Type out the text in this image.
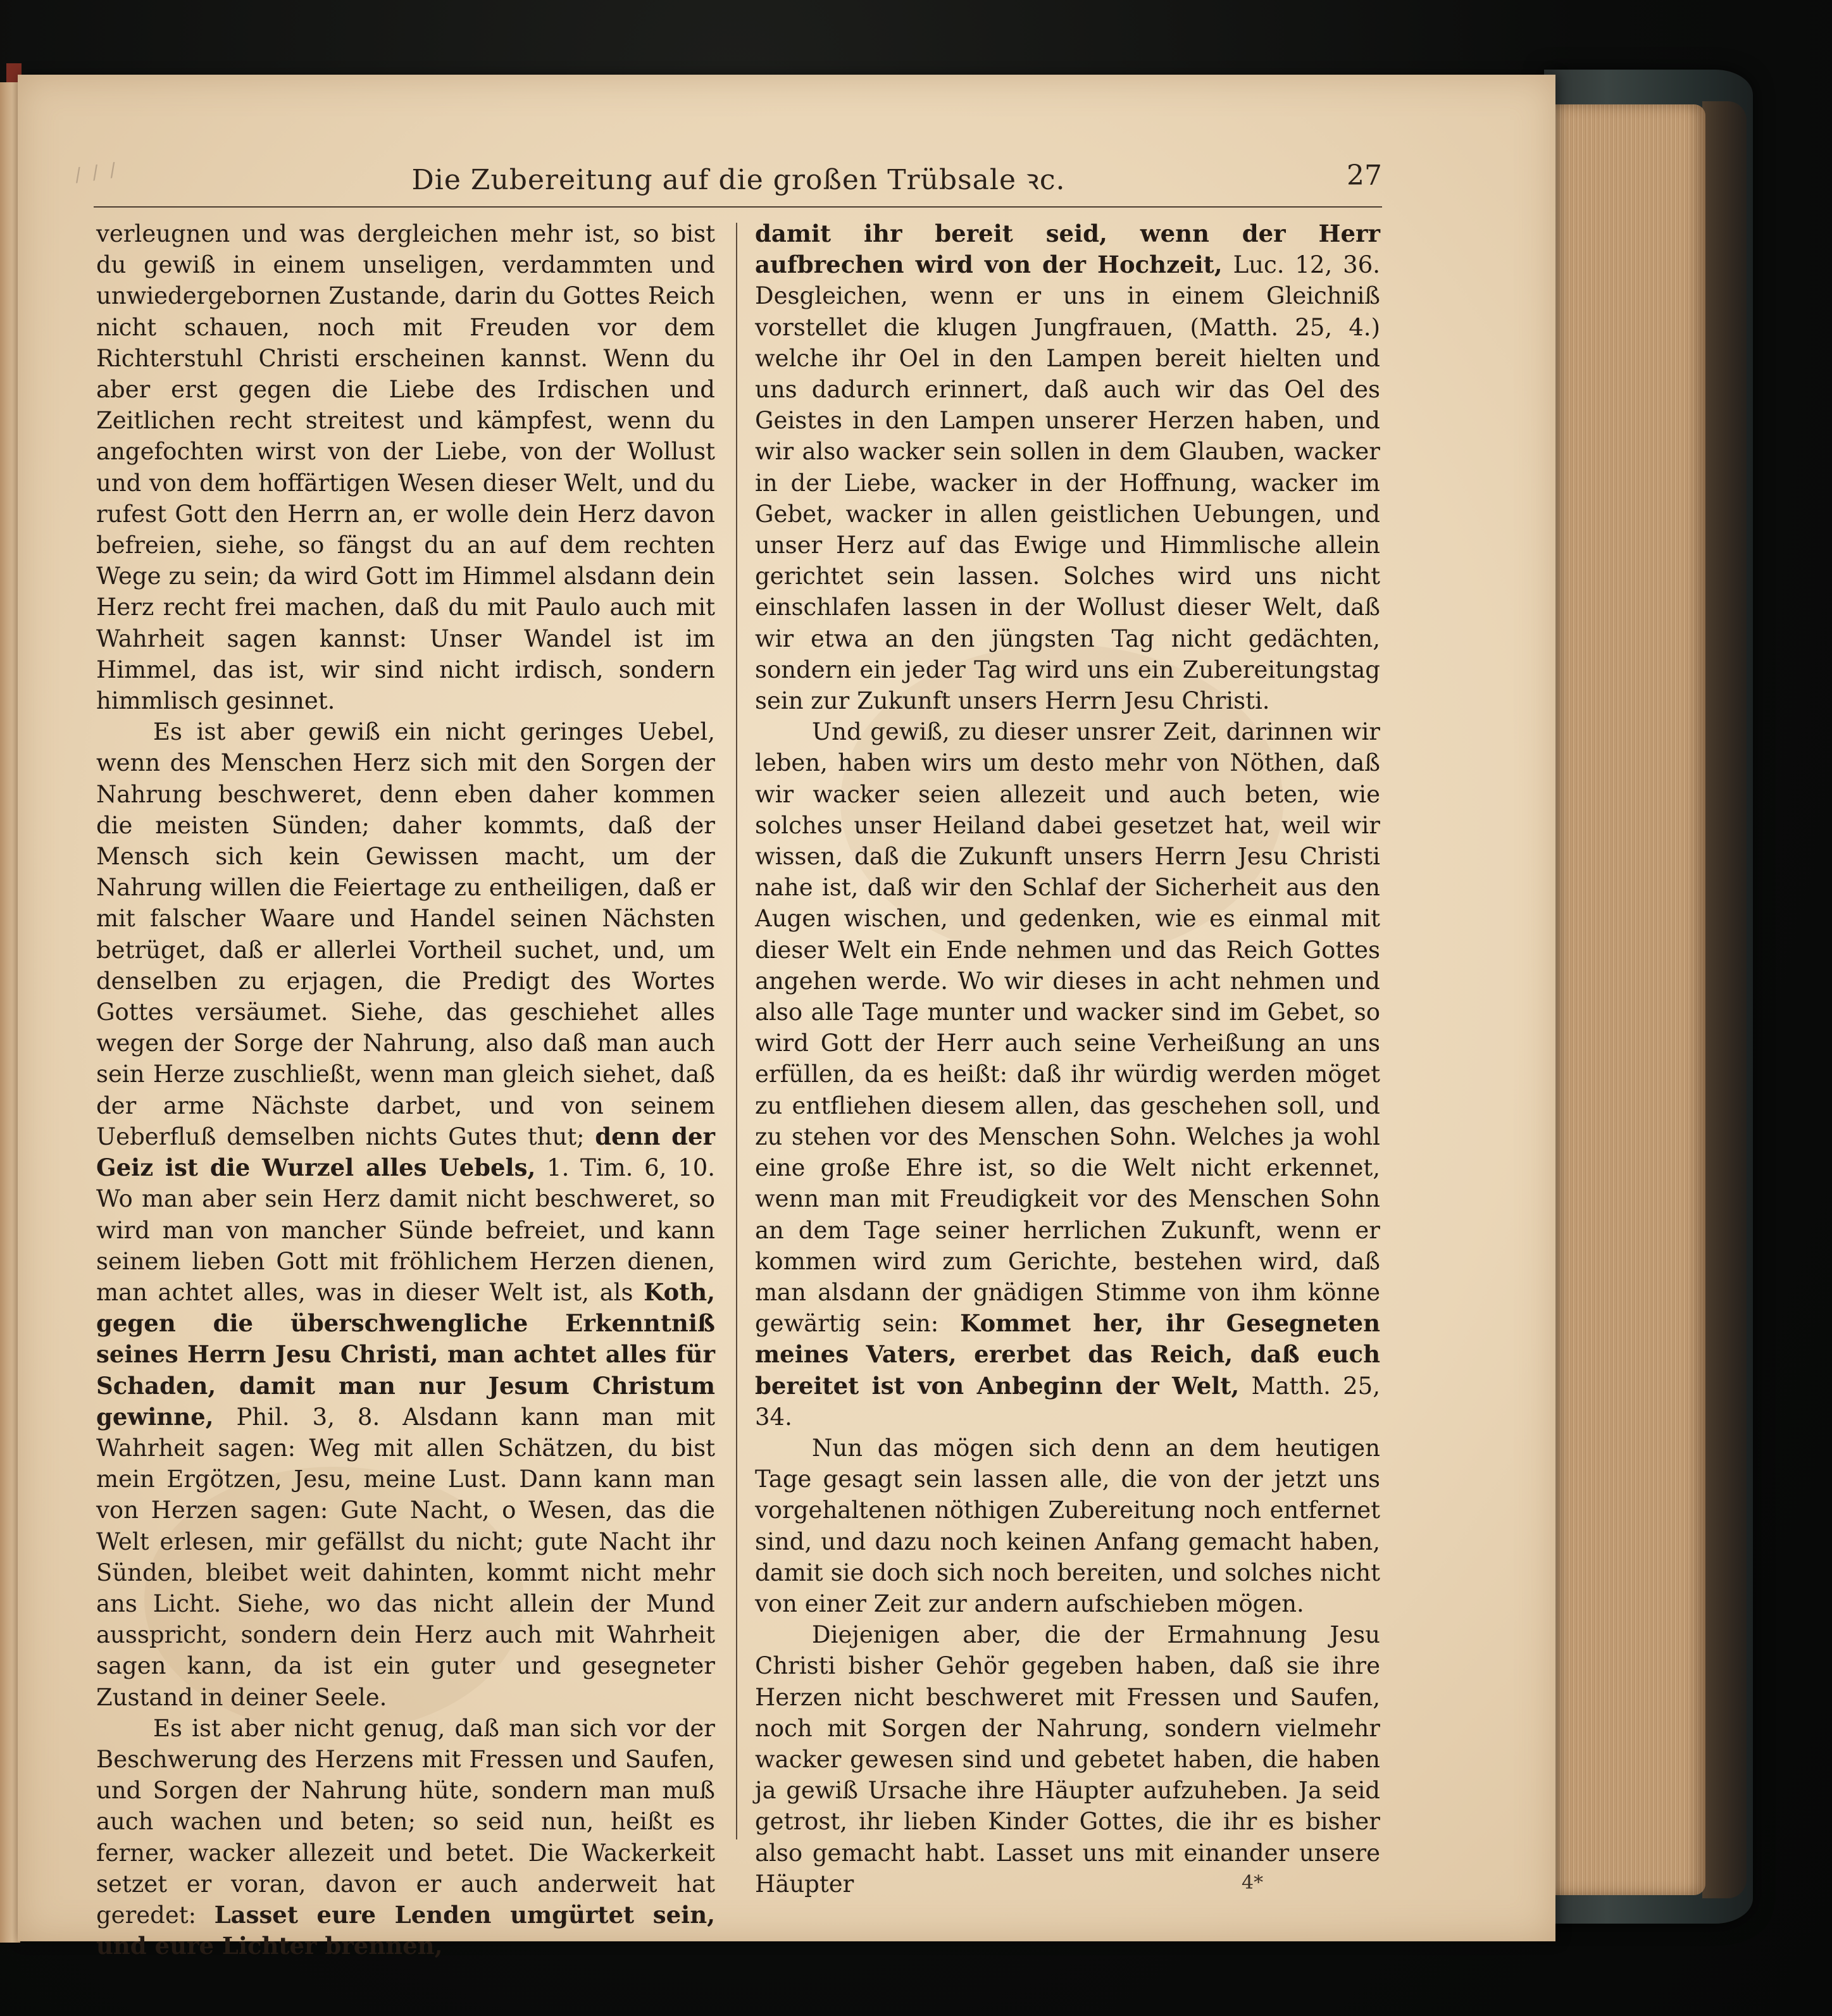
/ / /	Die Zubereitung auf die großen Trübsale ꝛc.	27

verleugnen und was dergleichen mehr ist, so bist du gewiß in einem unseligen, verdammten und unwiedergebornen Zustande, darin du Gottes Reich nicht schauen, noch mit Freuden vor dem Richterstuhl Christi erscheinen kannst. Wenn du aber erst gegen die Liebe des Irdischen und Zeitlichen recht streitest und kämpfest, wenn du angefochten wirst von der Liebe, von der Wollust und von dem hoffärtigen Wesen dieser Welt, und du rufest Gott den Herrn an, er wolle dein Herz davon befreien, siehe, so fängst du an auf dem rechten Wege zu sein; da wird Gott im Himmel alsdann dein Herz recht frei machen, daß du mit Paulo auch mit Wahrheit sagen kannst: Unser Wandel ist im Himmel, das ist, wir sind nicht irdisch, sondern himmlisch gesinnet.

Es ist aber gewiß ein nicht geringes Uebel, wenn des Menschen Herz sich mit den Sorgen der Nahrung beschweret, denn eben daher kommen die meisten Sünden; daher kommts, daß der Mensch sich kein Gewissen macht, um der Nahrung willen die Feiertage zu entheiligen, daß er mit falscher Waare und Handel seinen Nächsten betrüget, daß er allerlei Vortheil suchet, und, um denselben zu erjagen, die Predigt des Wortes Gottes versäumet. Siehe, das geschiehet alles wegen der Sorge der Nahrung, also daß man auch sein Herze zuschließt, wenn man gleich siehet, daß der arme Nächste darbet, und von seinem Ueberfluß demselben nichts Gutes thut; denn der Geiz ist die Wurzel alles Uebels, 1. Tim. 6, 10. Wo man aber sein Herz damit nicht beschweret, so wird man von mancher Sünde befreiet, und kann seinem lieben Gott mit fröhlichem Herzen dienen, man achtet alles, was in dieser Welt ist, als Koth, gegen die überschwengliche Erkenntniß seines Herrn Jesu Christi, man achtet alles für Schaden, damit man nur Jesum Christum gewinne, Phil. 3, 8. Alsdann kann man mit Wahrheit sagen: Weg mit allen Schätzen, du bist mein Ergötzen, Jesu, meine Lust. Dann kann man von Herzen sagen: Gute Nacht, o Wesen, das die Welt erlesen, mir gefällst du nicht; gute Nacht ihr Sünden, bleibet weit dahinten, kommt nicht mehr ans Licht. Siehe, wo das nicht allein der Mund ausspricht, sondern dein Herz auch mit Wahrheit sagen kann, da ist ein guter und gesegneter Zustand in deiner Seele.

Es ist aber nicht genug, daß man sich vor der Beschwerung des Herzens mit Fressen und Saufen, und Sorgen der Nahrung hüte, sondern man muß auch wachen und beten; so seid nun, heißt es ferner, wacker allezeit und betet. Die Wackerkeit setzet er voran, davon er auch anderweit hat geredet: Lasset eure Lenden umgürtet sein, und eure Lichter brennen,

damit ihr bereit seid, wenn der Herr aufbrechen wird von der Hochzeit, Luc. 12, 36. Desgleichen, wenn er uns in einem Gleichniß vorstellet die klugen Jungfrauen, (Matth. 25, 4.) welche ihr Oel in den Lampen bereit hielten und uns dadurch erinnert, daß auch wir das Oel des Geistes in den Lampen unserer Herzen haben, und wir also wacker sein sollen in dem Glauben, wacker in der Liebe, wacker in der Hoffnung, wacker im Gebet, wacker in allen geistlichen Uebungen, und unser Herz auf das Ewige und Himmlische allein gerichtet sein lassen. Solches wird uns nicht einschlafen lassen in der Wollust dieser Welt, daß wir etwa an den jüngsten Tag nicht gedächten, sondern ein jeder Tag wird uns ein Zubereitungstag sein zur Zukunft unsers Herrn Jesu Christi.

Und gewiß, zu dieser unsrer Zeit, darinnen wir leben, haben wirs um desto mehr von Nöthen, daß wir wacker seien allezeit und auch beten, wie solches unser Heiland dabei gesetzet hat, weil wir wissen, daß die Zukunft unsers Herrn Jesu Christi nahe ist, daß wir den Schlaf der Sicherheit aus den Augen wischen, und gedenken, wie es einmal mit dieser Welt ein Ende nehmen und das Reich Gottes angehen werde. Wo wir dieses in acht nehmen und also alle Tage munter und wacker sind im Gebet, so wird Gott der Herr auch seine Verheißung an uns erfüllen, da es heißt: daß ihr würdig werden möget zu entfliehen diesem allen, das geschehen soll, und zu stehen vor des Menschen Sohn. Welches ja wohl eine große Ehre ist, so die Welt nicht erkennet, wenn man mit Freudigkeit vor des Menschen Sohn an dem Tage seiner herrlichen Zukunft, wenn er kommen wird zum Gerichte, bestehen wird, daß man alsdann der gnädigen Stimme von ihm könne gewärtig sein: Kommet her, ihr Gesegneten meines Vaters, ererbet das Reich, daß euch bereitet ist von Anbeginn der Welt, Matth. 25, 34.

Nun das mögen sich denn an dem heutigen Tage gesagt sein lassen alle, die von der jetzt uns vorgehaltenen nöthigen Zubereitung noch entfernet sind, und dazu noch keinen Anfang gemacht haben, damit sie doch sich noch bereiten, und solches nicht von einer Zeit zur andern aufschieben mögen.

Diejenigen aber, die der Ermahnung Jesu Christi bisher Gehör gegeben haben, daß sie ihre Herzen nicht beschweret mit Fressen und Saufen, noch mit Sorgen der Nahrung, sondern vielmehr wacker gewesen sind und gebetet haben, die haben ja gewiß Ursache ihre Häupter aufzuheben. Ja seid getrost, ihr lieben Kinder Gottes, die ihr es bisher also gemacht habt. Lasset uns mit einander unsere Häupter	4*
